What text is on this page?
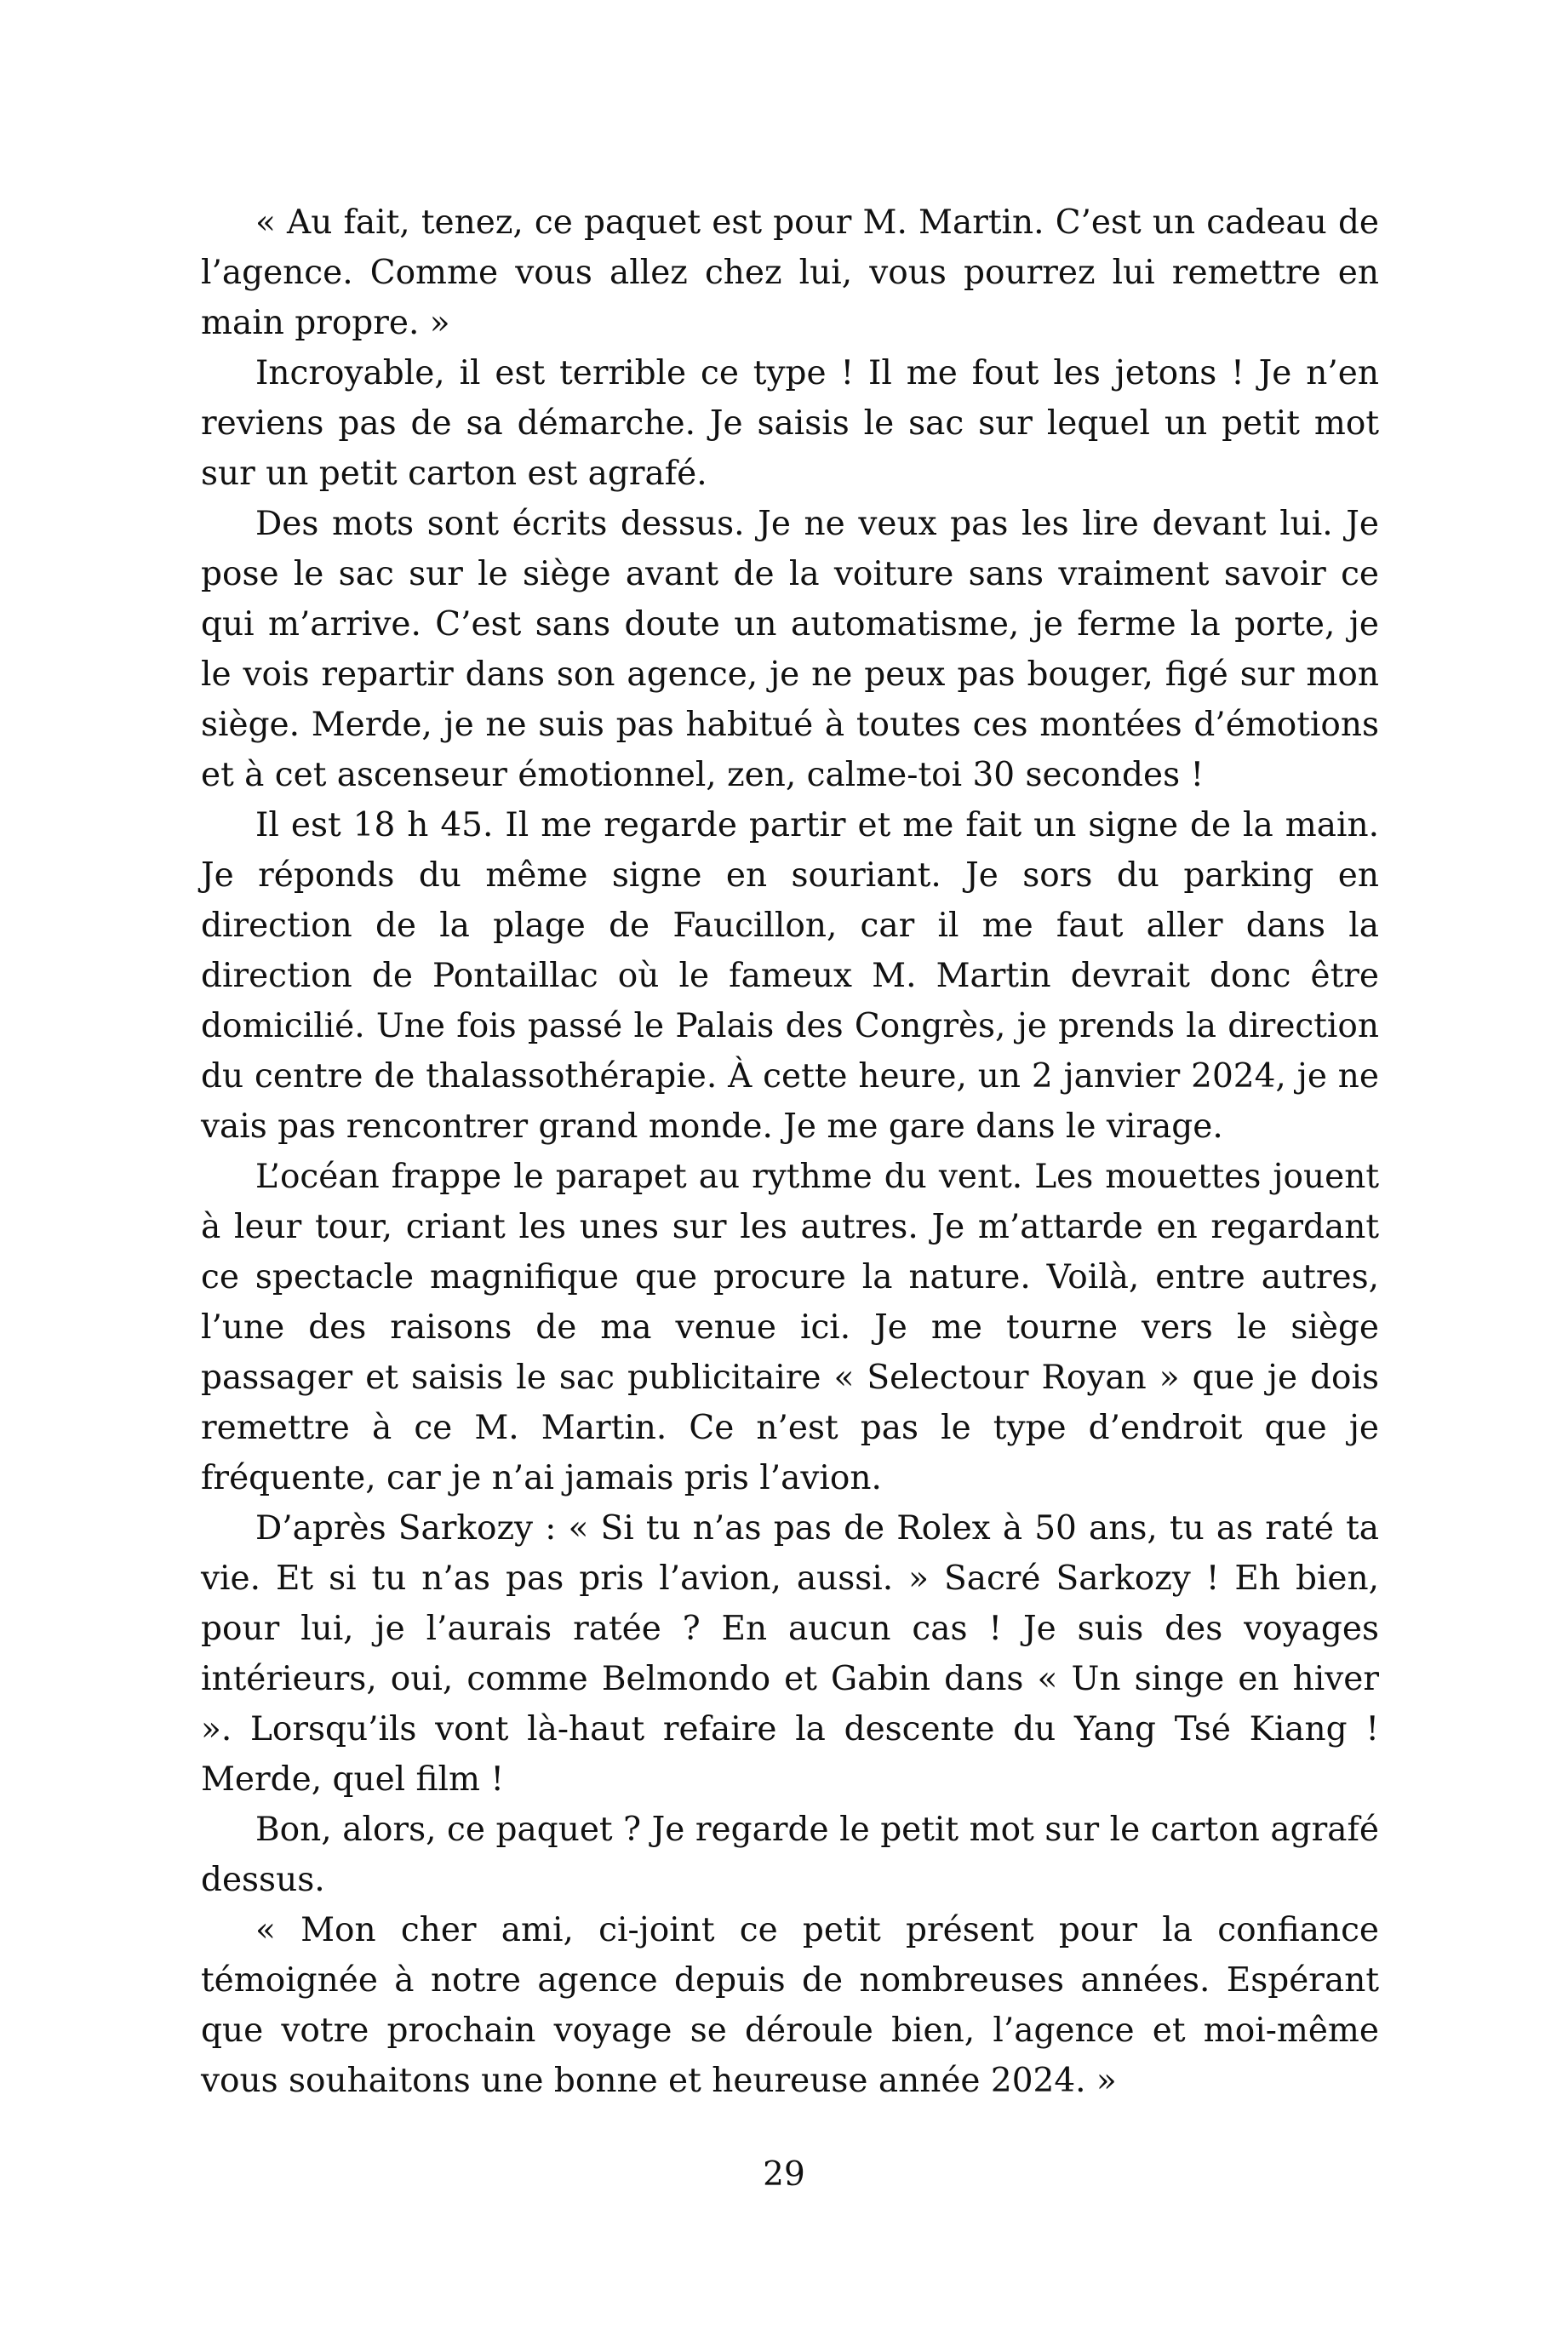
« Au fait, tenez, ce paquet est pour M. Martin. C’est un cadeau de l’agence. Comme vous allez chez lui, vous pourrez lui remettre en main propre. »

Incroyable, il est terrible ce type ! Il me fout les jetons ! Je n’en reviens pas de sa démarche. Je saisis le sac sur lequel un petit mot sur un petit carton est agrafé.

Des mots sont écrits dessus. Je ne veux pas les lire devant lui. Je pose le sac sur le siège avant de la voiture sans vraiment savoir ce qui m’arrive. C’est sans doute un automatisme, je ferme la porte, je le vois repartir dans son agence, je ne peux pas bouger, figé sur mon siège. Merde, je ne suis pas habitué à toutes ces montées d’émotions et à cet ascenseur émotionnel, zen, calme-toi 30 secondes !

Il est 18 h 45. Il me regarde partir et me fait un signe de la main. Je réponds du même signe en souriant. Je sors du parking en direction de la plage de Faucillon, car il me faut aller dans la direction de Pontaillac où le fameux M. Martin devrait donc être domicilié. Une fois passé le Palais des Congrès, je prends la direction du centre de thalassothérapie. À cette heure, un 2 janvier 2024, je ne vais pas rencontrer grand monde. Je me gare dans le virage.

L’océan frappe le parapet au rythme du vent. Les mouettes jouent à leur tour, criant les unes sur les autres. Je m’attarde en regardant ce spectacle magnifique que procure la nature. Voilà, entre autres, l’une des raisons de ma venue ici. Je me tourne vers le siège passager et saisis le sac publicitaire « Selectour Royan » que je dois remettre à ce M. Martin. Ce n’est pas le type d’endroit que je fréquente, car je n’ai jamais pris l’avion.

D’après Sarkozy : « Si tu n’as pas de Rolex à 50 ans, tu as raté ta vie. Et si tu n’as pas pris l’avion, aussi. » Sacré Sarkozy ! Eh bien, pour lui, je l’aurais ratée ? En aucun cas ! Je suis des voyages intérieurs, oui, comme Belmondo et Gabin dans « Un singe en hiver ». Lorsqu’ils vont là-haut refaire la descente du Yang Tsé Kiang ! Merde, quel film !

Bon, alors, ce paquet ? Je regarde le petit mot sur le carton agrafé dessus.

« Mon cher ami, ci-joint ce petit présent pour la confiance témoignée à notre agence depuis de nombreuses années. Espérant que votre prochain voyage se déroule bien, l’agence et moi-même vous souhaitons une bonne et heureuse année 2024. »

29
